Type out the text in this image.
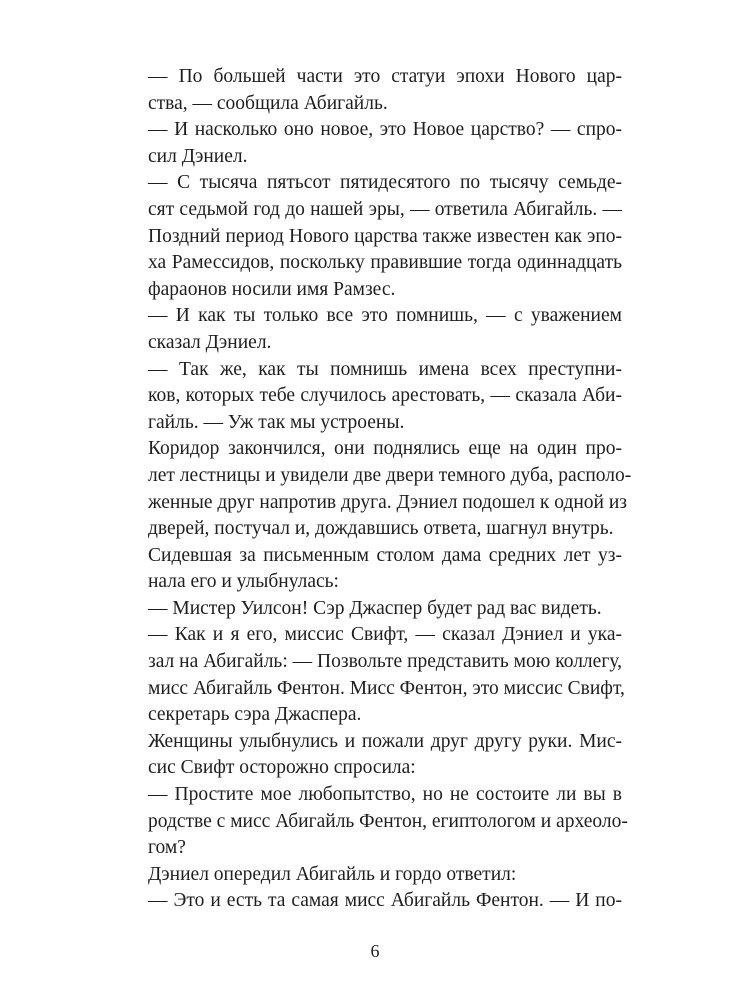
— По большей части это статуи эпохи Нового цар-
ства, — сообщила Абигайль.
— И насколько оно новое, это Новое царство? — спро-
сил Дэниел.
— С тысяча пятьсот пятидесятого по тысячу семьде-
сят седьмой год до нашей эры, — ответила Абигайль. —
Поздний период Нового царства также известен как эпо-
ха Рамессидов, поскольку правившие тогда одиннадцать
фараонов носили имя Рамзес.
— И как ты только все это помнишь, — с уважением
сказал Дэниел.
— Так же, как ты помнишь имена всех преступни-
ков, которых тебе случилось арестовать, — сказала Аби-
гайль. — Уж так мы устроены.
Коридор закончился, они поднялись еще на один про-
лет лестницы и увидели две двери темного дуба, располо-
женные друг напротив друга. Дэниел подошел к одной из
дверей, постучал и, дождавшись ответа, шагнул внутрь.
Сидевшая за письменным столом дама средних лет уз-
нала его и улыбнулась:
— Мистер Уилсон! Сэр Джаспер будет рад вас видеть.
— Как и я его, миссис Свифт, — сказал Дэниел и ука-
зал на Абигайль: — Позвольте представить мою коллегу,
мисс Абигайль Фентон. Мисс Фентон, это миссис Свифт,
секретарь сэра Джаспера.
Женщины улыбнулись и пожали друг другу руки. Мис-
сис Свифт осторожно спросила:
— Простите мое любопытство, но не состоите ли вы в
родстве с мисс Абигайль Фентон, египтологом и археоло-
гом?
Дэниел опередил Абигайль и гордо ответил:
— Это и есть та самая мисс Абигайль Фентон. — И по-
6
